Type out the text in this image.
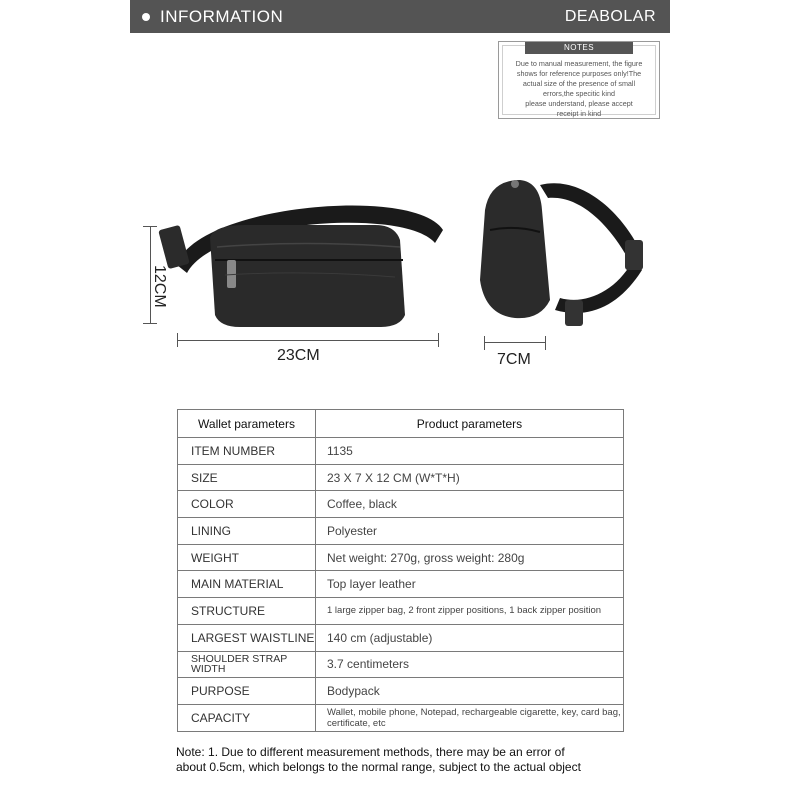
INFORMATION	DEABOLAR
NOTES
Due to manual measurement, the figure
shows for reference purposes only!The
actual size of the presence of small
errors,the specitic kind
please understand, please accept
receipt in kind
12CM
23CM	7CM
Wallet parameters	Product parameters
ITEM NUMBER	1135
SIZE	23 X 7 X 12 CM (W*T*H)
COLOR	Coffee, black
LINING	Polyester
WEIGHT	Net weight: 270g, gross weight: 280g
MAIN MATERIAL	Top layer leather
STRUCTURE	1 large zipper bag, 2 front zipper positions, 1 back zipper position
LARGEST WAISTLINE	140 cm (adjustable)
SHOULDER STRAP WIDTH	3.7 centimeters
PURPOSE	Bodypack
CAPACITY	Wallet, mobile phone, Notepad, rechargeable cigarette, key, card bag, certificate, etc
Note: 1. Due to different measurement methods, there may be an error of
about 0.5cm, which belongs to the normal range, subject to the actual object
